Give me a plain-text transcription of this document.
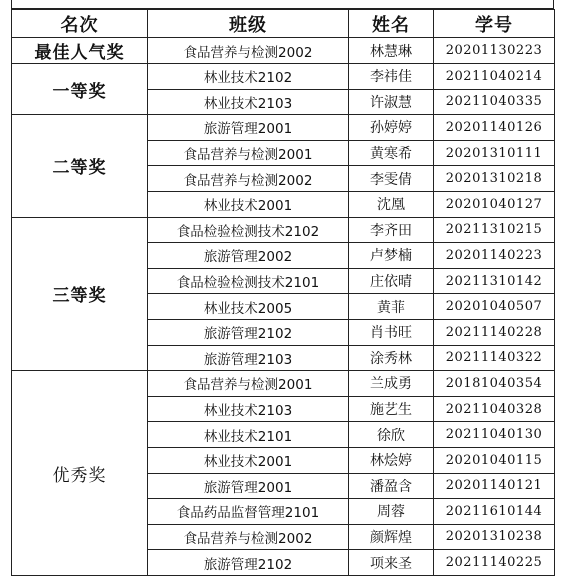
名次	班级	姓名	学号
最佳人气奖	食品营养与检测2002	林慧琳	20201130223
一等奖	林业技术2102	李祎佳	20211040214
	林业技术2103	许淑慧	20211040335
二等奖	旅游管理2001	孙婷婷	20201140126
	食品营养与检测2001	黄寒希	20201310111
	食品营养与检测2002	李雯倩	20201310218
	林业技术2001	沈凰	20201040127
三等奖	食品检验检测技术2102	李齐田	20211310215
	旅游管理2002	卢梦楠	20201140223
	食品检验检测技术2101	庄依晴	20211310142
	林业技术2005	黄菲	20201040507
	旅游管理2102	肖书旺	20211140228
	旅游管理2103	涂秀林	20211140322
优秀奖	食品营养与检测2001	兰成勇	20181040354
	林业技术2103	施艺生	20211040328
	林业技术2101	徐欣	20211040130
	林业技术2001	林烩婷	20201040115
	旅游管理2001	潘盈含	20201140121
	食品药品监督管理2101	周蓉	20211610144
	食品营养与检测2002	颜辉煌	20201310238
	旅游管理2102	项来圣	20211140225
